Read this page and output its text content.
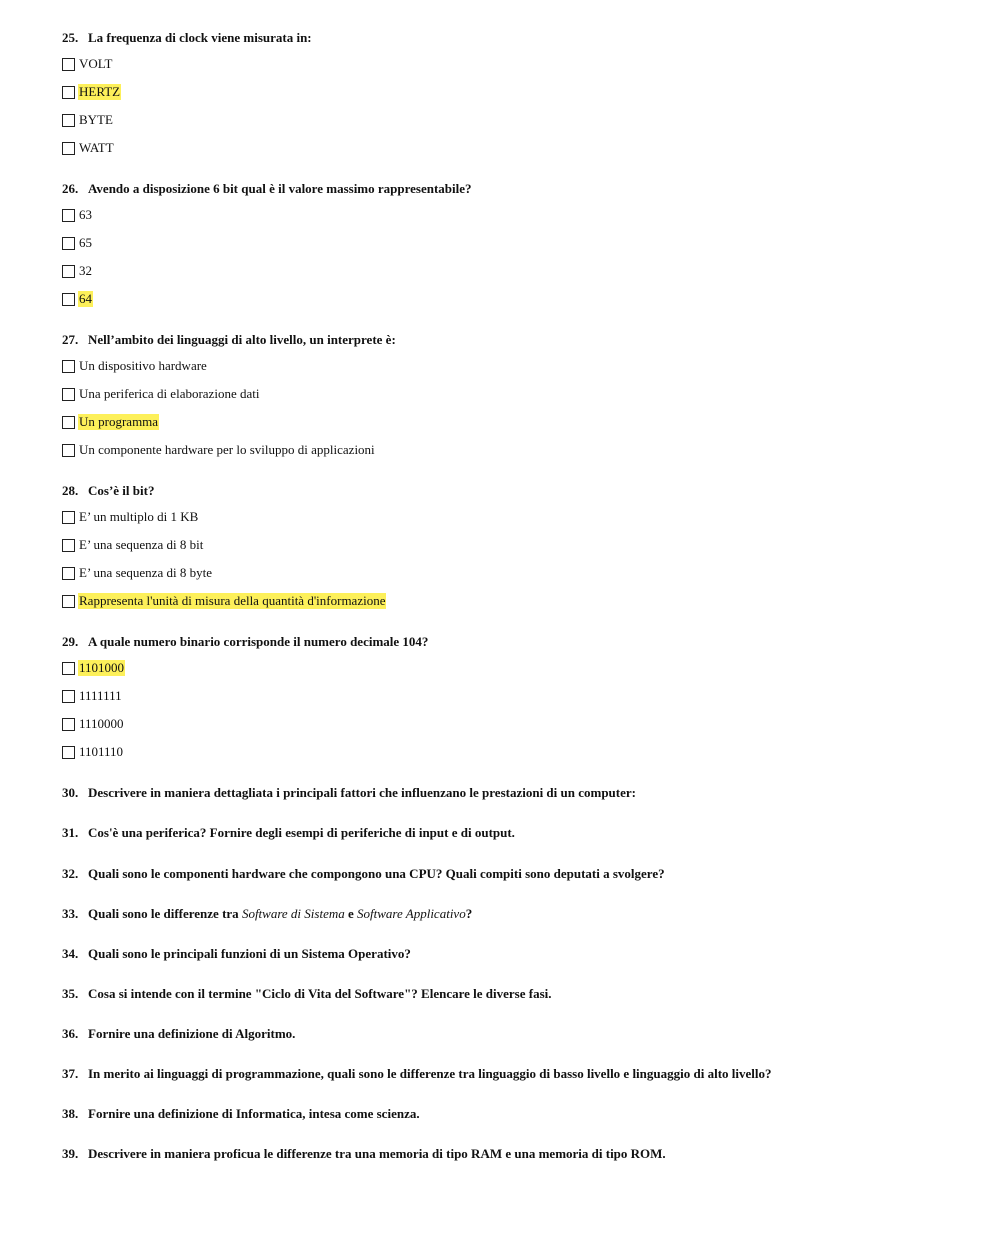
25. La frequenza di clock viene misurata in:
VOLT
HERTZ
BYTE
WATT
26. Avendo a disposizione 6 bit qual è il valore massimo rappresentabile?
63
65
32
64
27. Nell’ambito dei linguaggi di alto livello, un interprete è:
Un dispositivo hardware
Una periferica di elaborazione dati
Un programma
Un componente hardware per lo sviluppo di applicazioni
28. Cos’è il bit?
E’ un multiplo di 1 KB
E’ una sequenza di 8 bit
E’ una sequenza di 8 byte
Rappresenta l'unità di misura della quantità d'informazione
29. A quale numero binario corrisponde il numero decimale 104?
1101000
1111111
1110000
1101110
30. Descrivere in maniera dettagliata i principali fattori che influenzano le prestazioni di un computer:
31. Cos'è una periferica? Fornire degli esempi di periferiche di input e di output.
32. Quali sono le componenti hardware che compongono una CPU? Quali compiti sono deputati a svolgere?
33. Quali sono le differenze tra Software di Sistema e Software Applicativo?
34. Quali sono le principali funzioni di un Sistema Operativo?
35. Cosa si intende con il termine "Ciclo di Vita del Software"? Elencare le diverse fasi.
36. Fornire una definizione di Algoritmo.
37. In merito ai linguaggi di programmazione, quali sono le differenze tra linguaggio di basso livello e linguaggio di alto livello?
38. Fornire una definizione di Informatica, intesa come scienza.
39. Descrivere in maniera proficua le differenze tra una memoria di tipo RAM e una memoria di tipo ROM.
